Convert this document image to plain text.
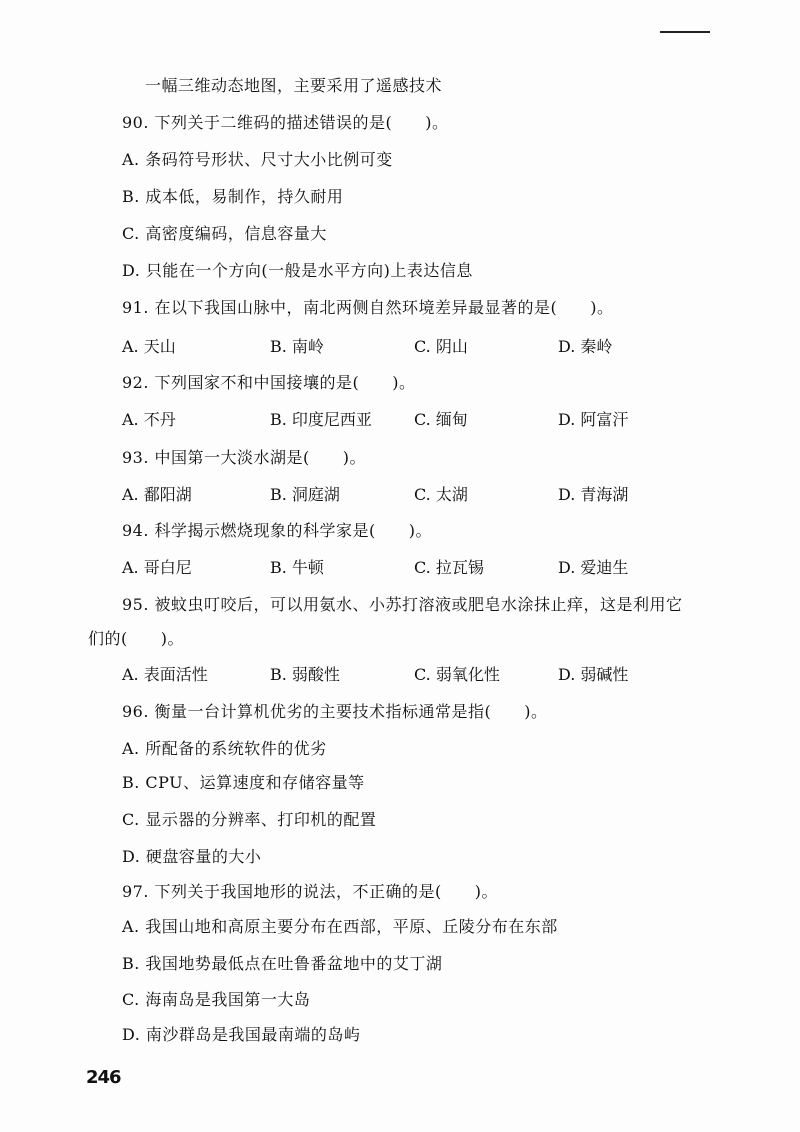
一幅三维动态地图，主要采用了遥感技术
90. 下列关于二维码的描述错误的是(　　)。
A. 条码符号形状、尺寸大小比例可变
B. 成本低，易制作，持久耐用
C. 高密度编码，信息容量大
D. 只能在一个方向(一般是水平方向)上表达信息
91. 在以下我国山脉中，南北两侧自然环境差异最显著的是(　　)。
A. 天山	B. 南岭	C. 阴山	D. 秦岭
92. 下列国家不和中国接壤的是(　　)。
A. 不丹	B. 印度尼西亚	C. 缅甸	D. 阿富汗
93. 中国第一大淡水湖是(　　)。
A. 鄱阳湖	B. 洞庭湖	C. 太湖	D. 青海湖
94. 科学揭示燃烧现象的科学家是(　　)。
A. 哥白尼	B. 牛顿	C. 拉瓦锡	D. 爱迪生
95. 被蚊虫叮咬后，可以用氨水、小苏打溶液或肥皂水涂抹止痒，这是利用它
们的(　　)。
A. 表面活性	B. 弱酸性	C. 弱氧化性	D. 弱碱性
96. 衡量一台计算机优劣的主要技术指标通常是指(　　)。
A. 所配备的系统软件的优劣
B. CPU、运算速度和存储容量等
C. 显示器的分辨率、打印机的配置
D. 硬盘容量的大小
97. 下列关于我国地形的说法，不正确的是(　　)。
A. 我国山地和高原主要分布在西部，平原、丘陵分布在东部
B. 我国地势最低点在吐鲁番盆地中的艾丁湖
C. 海南岛是我国第一大岛
D. 南沙群岛是我国最南端的岛屿
246
